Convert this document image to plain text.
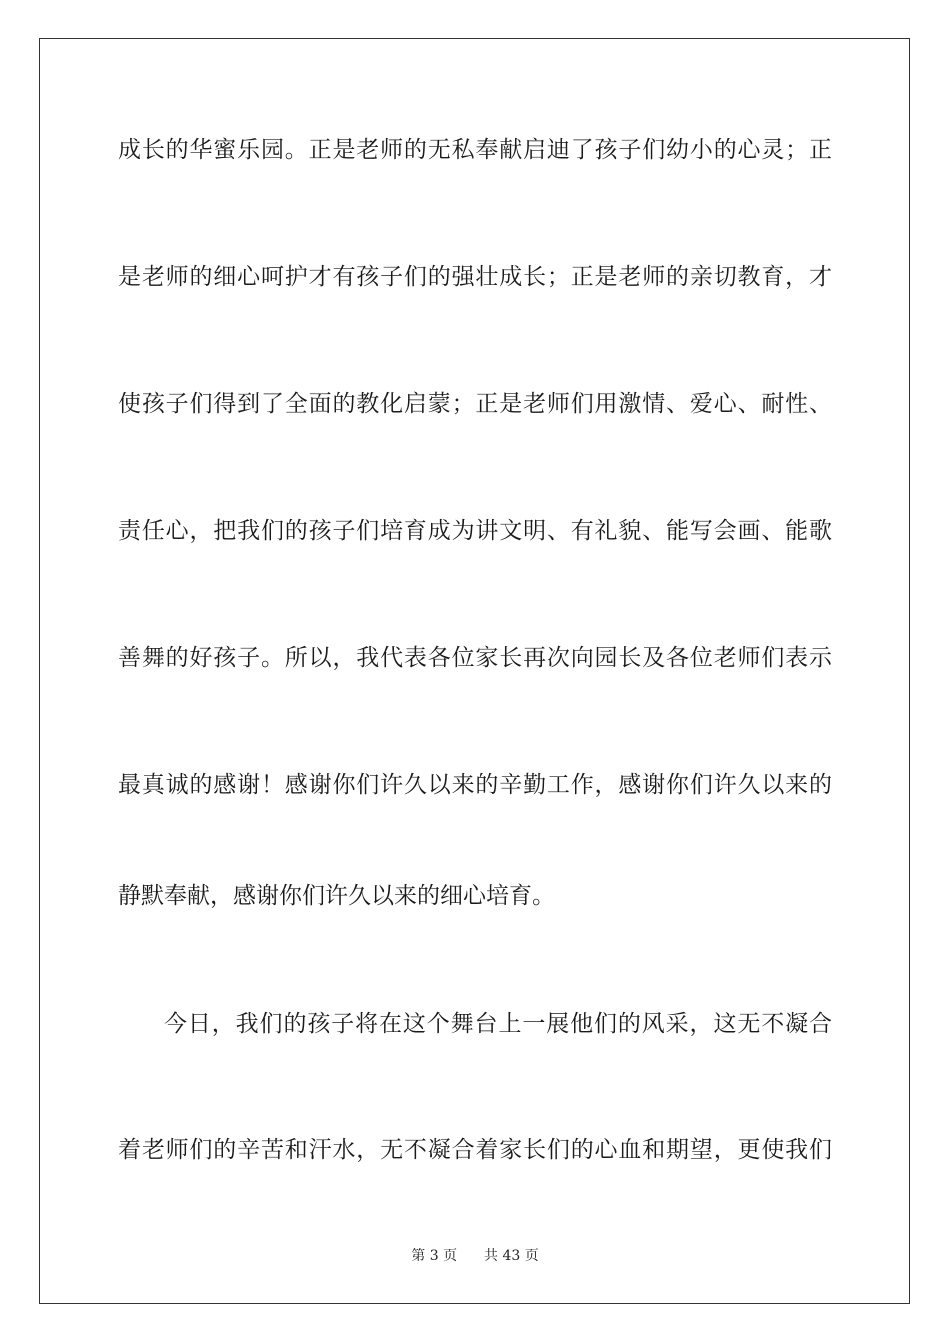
成长的华蜜乐园。正是老师的无私奉献启迪了孩子们幼小的心灵；正
是老师的细心呵护才有孩子们的强壮成长；正是老师的亲切教育，才
使孩子们得到了全面的教化启蒙；正是老师们用激情、爱心、耐性、
责任心，把我们的孩子们培育成为讲文明、有礼貌、能写会画、能歌
善舞的好孩子。所以，我代表各位家长再次向园长及各位老师们表示
最真诚的感谢！感谢你们许久以来的辛勤工作，感谢你们许久以来的
静默奉献，感谢你们许久以来的细心培育。
今日，我们的孩子将在这个舞台上一展他们的风采，这无不凝合
着老师们的辛苦和汗水，无不凝合着家长们的心血和期望，更使我们
第 3 页 共 43 页
